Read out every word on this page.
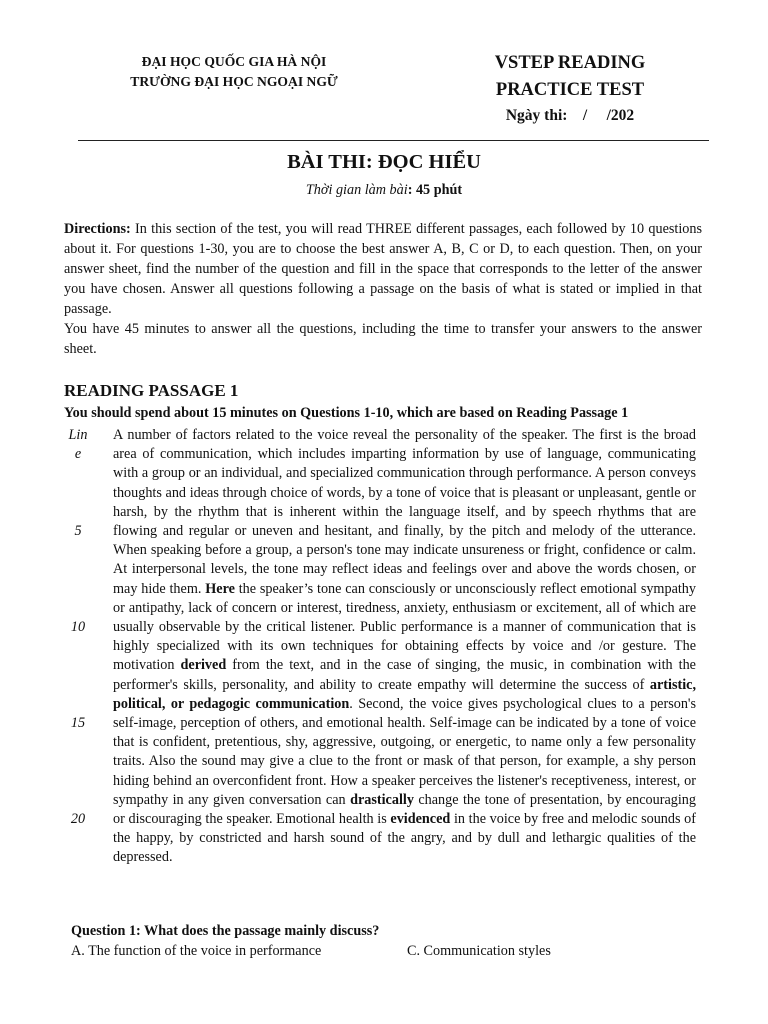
ĐẠI HỌC QUỐC GIA HÀ NỘI
TRƯỜNG ĐẠI HỌC NGOẠI NGỮ
VSTEP READING
PRACTICE TEST
Ngày thi:    /     /202
BÀI THI: ĐỌC HIỂU
Thời gian làm bài: 45 phút

Directions: In this section of the test, you will read THREE different passages, each followed by 10 questions about it. For questions 1-30, you are to choose the best answer A, B, C or D, to each question. Then, on your answer sheet, find the number of the question and fill in the space that corresponds to the letter of the answer you have chosen. Answer all questions following a passage on the basis of what is stated or implied in that passage.

You have 45 minutes to answer all the questions, including the time to transfer your answers to the answer sheet.

READING PASSAGE 1
You should spend about 15 minutes on Questions 1-10, which are based on Reading Passage 1
Lin
e
5
10
15
20
A number of factors related to the voice reveal the personality of the speaker. The first is the broad area of communication, which includes imparting information by use of language, communicating with a group or an individual, and specialized communication through performance. A person conveys thoughts and ideas through choice of words, by a tone of voice that is pleasant or unpleasant, gentle or harsh, by the rhythm that is inherent within the language itself, and by speech rhythms that are flowing and regular or uneven and hesitant, and finally, by the pitch and melody of the utterance. When speaking before a group, a person's tone may indicate unsureness or fright, confidence or calm. At interpersonal levels, the tone may reflect ideas and feelings over and above the words chosen, or may hide them. Here the speaker’s tone can consciously or unconsciously reflect emotional sympathy or antipathy, lack of concern or interest, tiredness, anxiety, enthusiasm or excitement, all of which are usually observable by the critical listener. Public performance is a manner of communication that is highly specialized with its own techniques for obtaining effects by voice and /or gesture. The motivation derived from the text, and in the case of singing, the music, in combination with the performer's skills, personality, and ability to create empathy will determine the success of artistic, political, or pedagogic communication. Second, the voice gives psychological clues to a person's self-image, perception of others, and emotional health. Self-image can be indicated by a tone of voice that is confident, pretentious, shy, aggressive, outgoing, or energetic, to name only a few personality traits. Also the sound may give a clue to the front or mask of that person, for example, a shy person hiding behind an overconfident front. How a speaker perceives the listener's receptiveness, interest, or sympathy in any given conversation can drastically change the tone of presentation, by encouraging or discouraging the speaker. Emotional health is evidenced in the voice by free and melodic sounds of the happy, by constricted and harsh sound of the angry, and by dull and lethargic qualities of the depressed.
Question 1: What does the passage mainly discuss?
A. The function of the voice in performance	C. Communication styles
